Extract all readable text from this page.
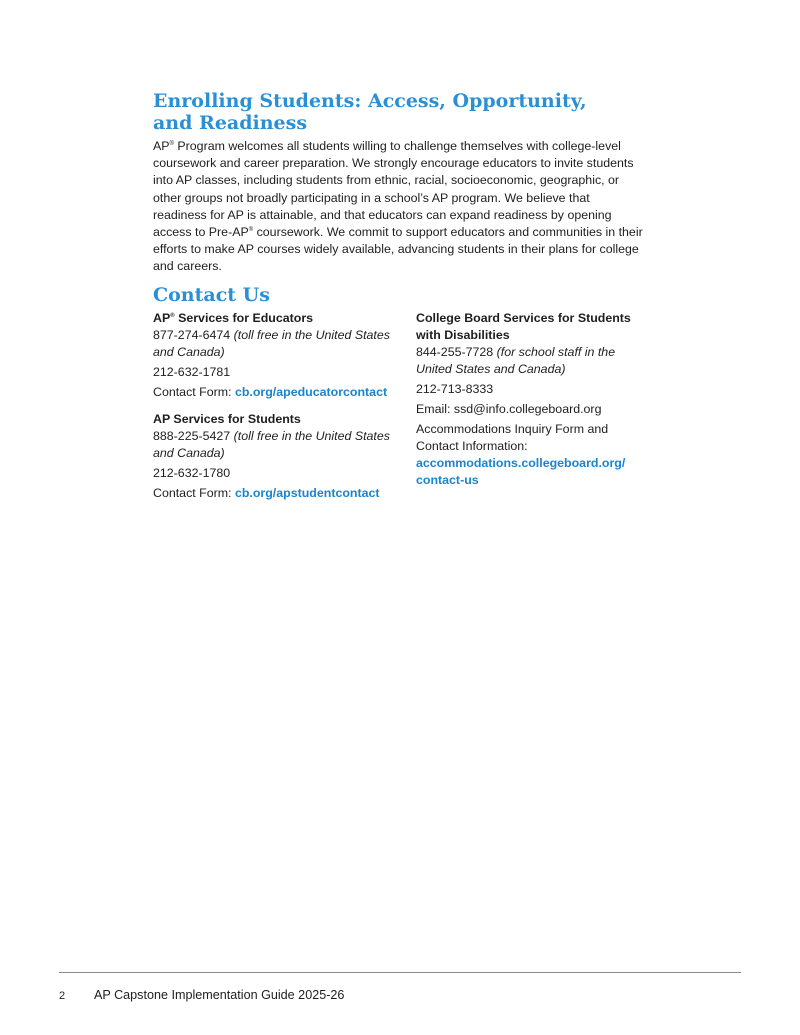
Enrolling Students: Access, Opportunity,
and Readiness

AP® Program welcomes all students willing to challenge themselves with college-level coursework and career preparation. We strongly encourage educators to invite students into AP classes, including students from ethnic, racial, socioeconomic, geographic, or other groups not broadly participating in a school’s AP program. We believe that readiness for AP is attainable, and that educators can expand readiness by opening access to Pre-AP® coursework. We commit to support educators and communities in their efforts to make AP courses widely available, advancing students in their plans for college and careers.

Contact Us

AP® Services for Educators

877-274-6474 (toll free in the United States and Canada)

212-632-1781

Contact Form: cb.org/apeducatorcontact

AP Services for Students

888-225-5427 (toll free in the United States and Canada)

212-632-1780

Contact Form: cb.org/apstudentcontact

College Board Services for Students with Disabilities

844-255-7728 (for school staff in the United States and Canada)

212-713-8333

Email: ssd@info.collegeboard.org

Accommodations Inquiry Form and Contact Information:

accommodations.collegeboard.org/
contact-us

2 AP Capstone Implementation Guide 2025-26
